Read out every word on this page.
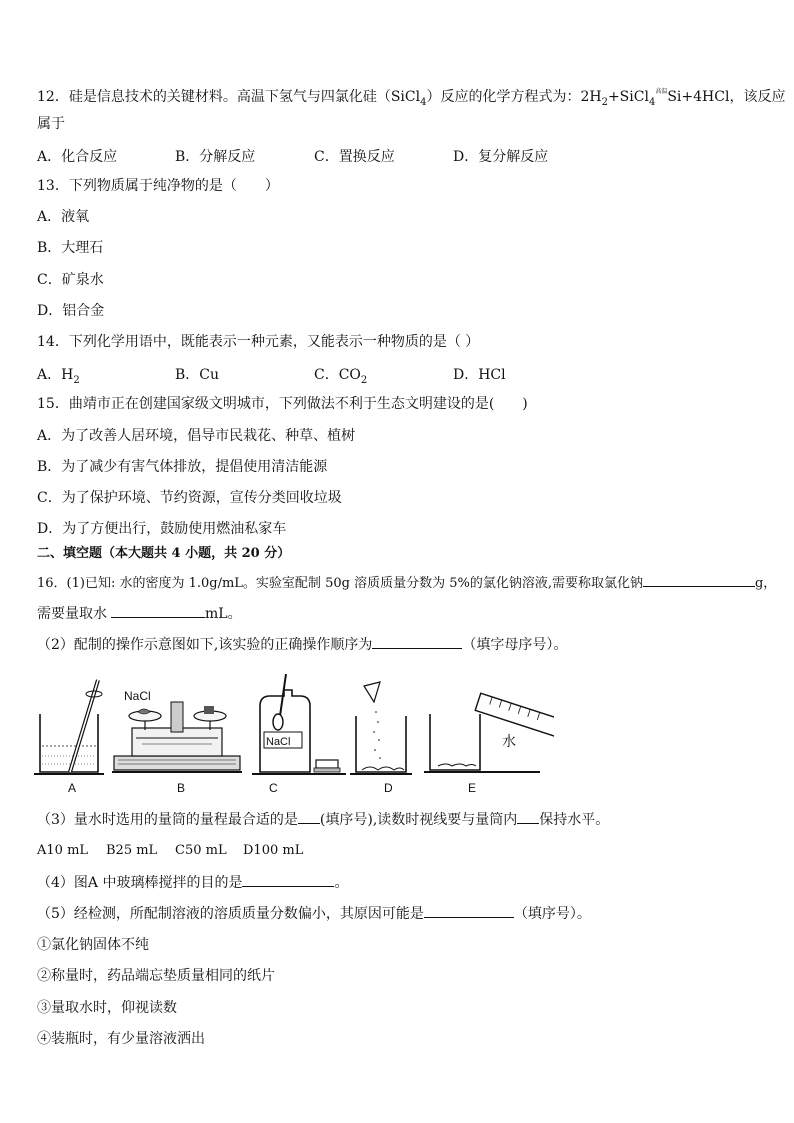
12．硅是信息技术的关键材料。高温下氢气与四氯化硅（SiCl$_4$）反应的化学方程式为：$2H_2+SiCl_4^{高温}Si+4HCl$，该反应
属于
A．化合反应	B．分解反应	C．置换反应	D．复分解反应
13．下列物质属于纯净物的是（　　）
A．液氧
B．大理石
C．矿泉水
D．铝合金
14．下列化学用语中，既能表示一种元素，又能表示一种物质的是（ ）
A．$H_2$	B．Cu	C．$CO_2$	D．HCl
15．曲靖市正在创建国家级文明城市，下列做法不利于生态文明建设的是(　　)
A．为了改善人居环境，倡导市民栽花、种草、植树
B．为了减少有害气体排放，提倡使用清洁能源
C．为了保护环境、节约资源，宣传分类回收垃圾
D．为了方便出行，鼓励使用燃油私家车
二、填空题（本大题共 4 小题，共 20 分）
16．(1)已知: 水的密度为 1.0g/mL。实验室配制 50g 溶质质量分数为 5%的氯化钠溶液,需要称取氯化钠	g，
需要量取水	mL。
（2）配制的操作示意图如下,该实验的正确操作顺序为	（填字母序号）。
NaCl
NaCl	水
A	B	C	D	E
（3）量水时选用的量筒的量程最合适的是 (填序号),读数时视线要与量筒内 保持水平。
A10 mL B25 mL C50 mL D100 mL
（4）图A 中玻璃棒搅拌的目的是	。
（5）经检测，所配制溶液的溶质质量分数偏小，其原因可能是	（填序号）。
①氯化钠固体不纯
②称量时，药品端忘垫质量相同的纸片
③量取水时，仰视读数
④装瓶时，有少量溶液洒出
